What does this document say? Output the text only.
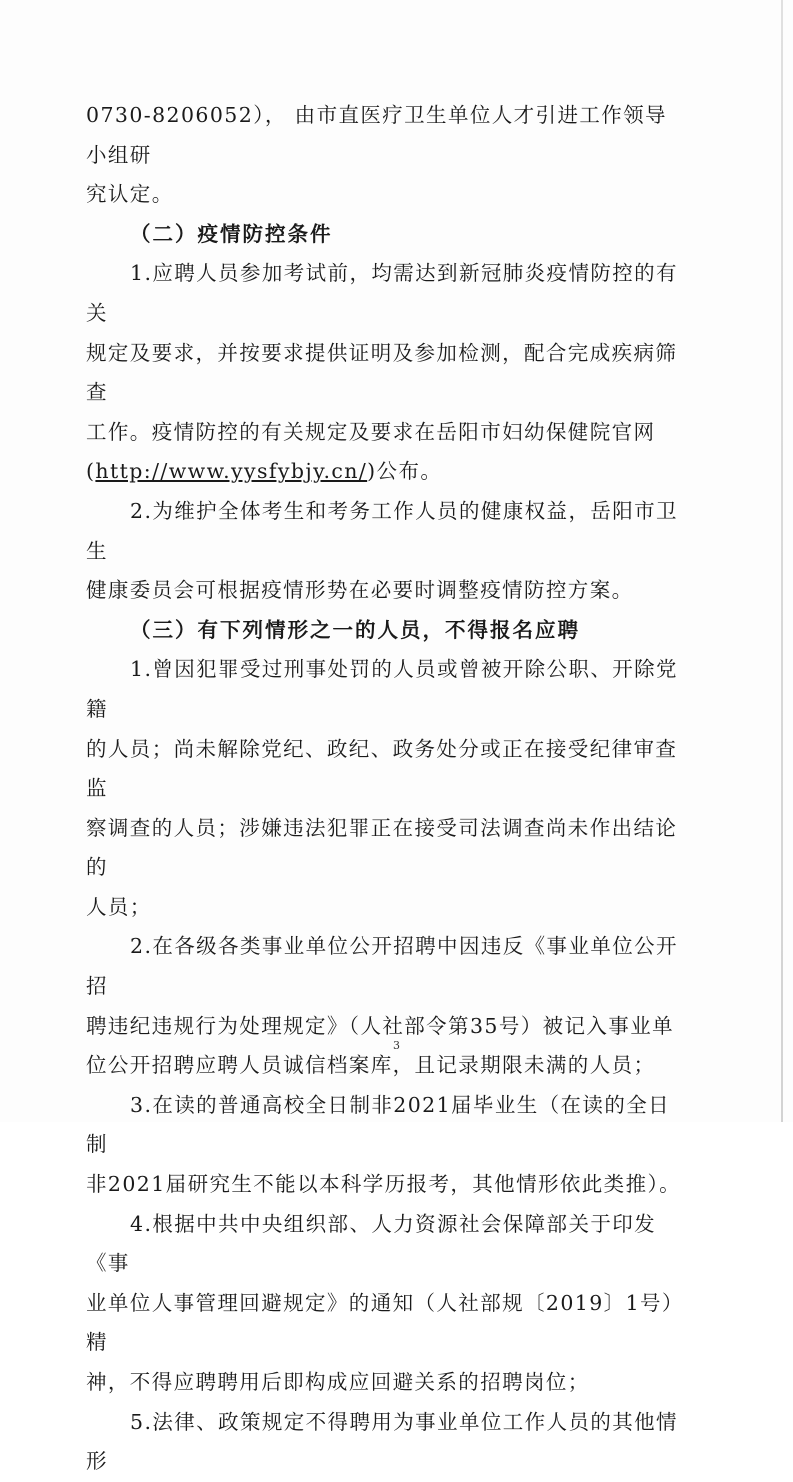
0730-8206052）， 由市直医疗卫生单位人才引进工作领导小组研

究认定。

（二）疫情防控条件

1.应聘人员参加考试前，均需达到新冠肺炎疫情防控的有关

规定及要求，并按要求提供证明及参加检测，配合完成疾病筛查

工作。疫情防控的有关规定及要求在岳阳市妇幼保健院官网

(http://www.yysfybjy.cn/)公布。

2.为维护全体考生和考务工作人员的健康权益，岳阳市卫生

健康委员会可根据疫情形势在必要时调整疫情防控方案。

（三）有下列情形之一的人员，不得报名应聘

1.曾因犯罪受过刑事处罚的人员或曾被开除公职、开除党籍

的人员；尚未解除党纪、政纪、政务处分或正在接受纪律审查监

察调查的人员；涉嫌违法犯罪正在接受司法调查尚未作出结论的

人员；

2.在各级各类事业单位公开招聘中因违反《事业单位公开招

聘违纪违规行为处理规定》（人社部令第35号）被记入事业单

位公开招聘应聘人员诚信档案库，且记录期限未满的人员；

3.在读的普通高校全日制非2021届毕业生（在读的全日制

非2021届研究生不能以本科学历报考，其他情形依此类推）。

4.根据中共中央组织部、人力资源社会保障部关于印发《事

业单位人事管理回避规定》的通知（人社部规〔2019〕1号）精

神，不得应聘聘用后即构成应回避关系的招聘岗位；

5.法律、政策规定不得聘用为事业单位工作人员的其他情形

3
